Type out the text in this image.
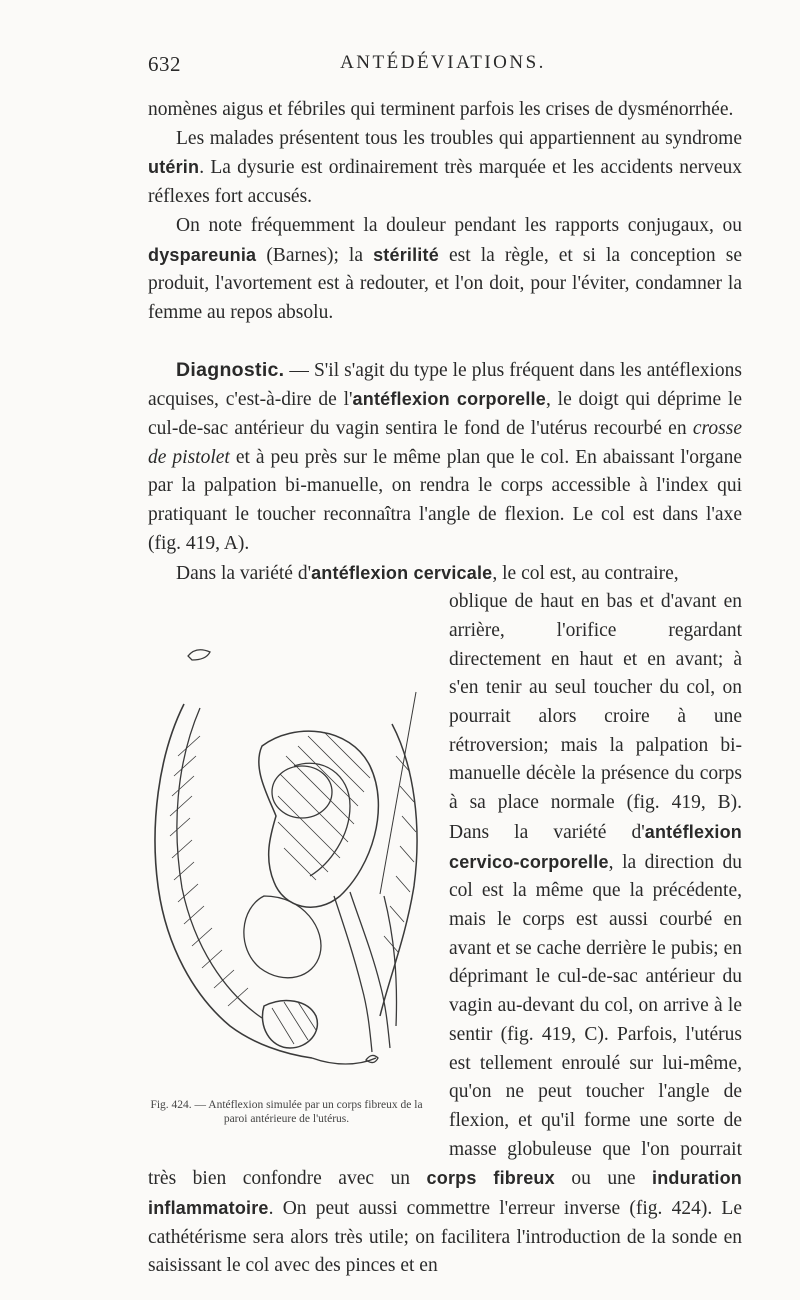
632	ANTÉDÉVIATIONS.

nomènes aigus et fébriles qui terminent parfois les crises de dysménorrhée.

Les malades présentent tous les troubles qui appartiennent au syndrome utérin. La dysurie est ordinairement très marquée et les accidents nerveux réflexes fort accusés.

On note fréquemment la douleur pendant les rapports conjugaux, ou dyspareunia (Barnes); la stérilité est la règle, et si la conception se produit, l'avortement est à redouter, et l'on doit, pour l'éviter, condamner la femme au repos absolu.

Diagnostic. — S'il s'agit du type le plus fréquent dans les antéflexions acquises, c'est-à-dire de l'antéflexion corporelle, le doigt qui déprime le cul-de-sac antérieur du vagin sentira le fond de l'utérus recourbé en crosse de pistolet et à peu près sur le même plan que le col. En abaissant l'organe par la palpation bi-manuelle, on rendra le corps accessible à l'index qui pratiquant le toucher reconnaîtra l'angle de flexion. Le col est dans l'axe (fig. 419, A).

Dans la variété d'antéflexion cervicale, le col est, au contraire,

Fig. 424. — Antéflexion simulée par un corps fibreux de la paroi antérieure de l'utérus.

oblique de haut en bas et d'avant en arrière, l'orifice regardant directement en haut et en avant; à s'en tenir au seul toucher du col, on pourrait alors croire à une rétroversion; mais la palpation bi-manuelle décèle la présence du corps à sa place normale (fig. 419, B). Dans la variété d'antéflexion cervico-corporelle, la direction du col est la même que la précédente, mais le corps est aussi courbé en avant et se cache derrière le pubis; en déprimant le cul-de-sac antérieur du vagin au-devant du col, on arrive à le sentir (fig. 419, C). Parfois, l'utérus est tellement enroulé sur lui-même, qu'on ne peut toucher l'angle de flexion, et qu'il forme une sorte de masse globuleuse que l'on pourrait très bien confondre avec un corps fibreux ou une induration inflammatoire. On peut aussi commettre l'erreur inverse (fig. 424). Le cathétérisme sera alors très utile; on facilitera l'introduction de la sonde en saisissant le col avec des pinces et en
